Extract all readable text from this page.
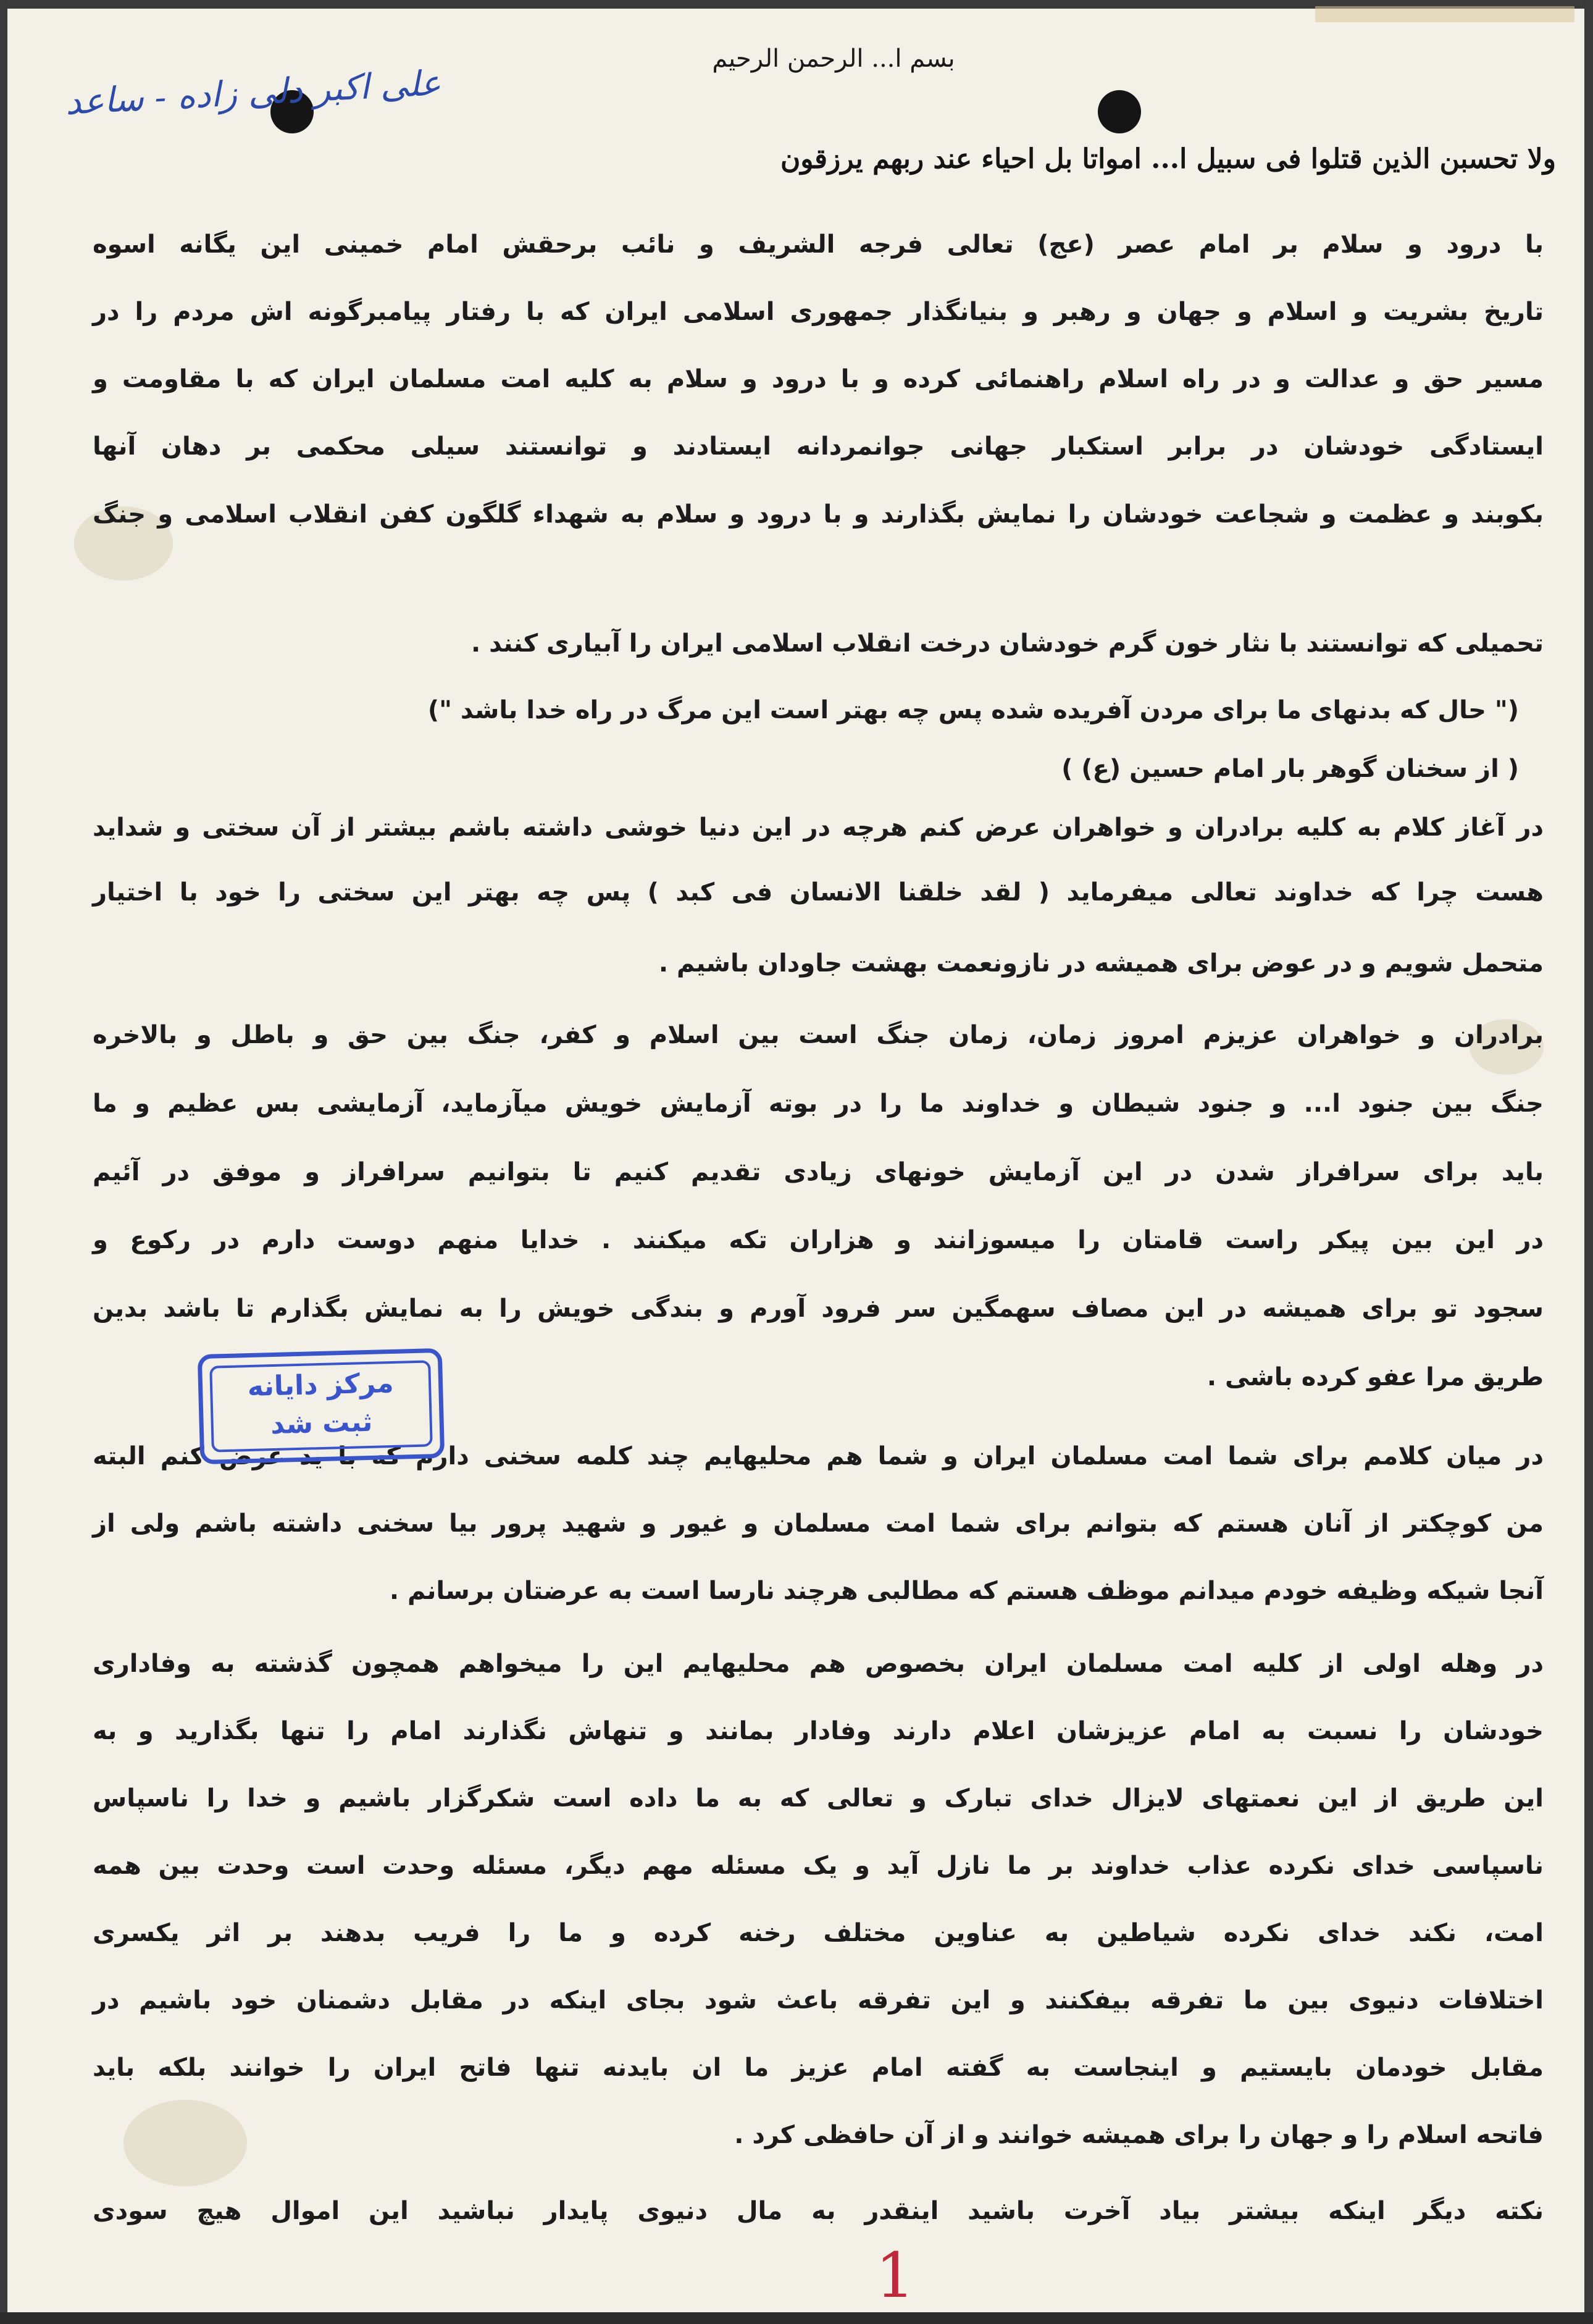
بسم ا... الرحمن الرحیم
علی اکبر دلی زاده - ساعد
ولا تحسبن الذین قتلوا فی سبیل ا... امواتا بل احیاء عند ربهم یرزقون
با درود و سلام بر امام عصر (عج) تعالی فرجه الشریف و نائب برحقش امام خمینی این یگانه اسوه
تاریخ بشریت و اسلام و جهان و رهبر و بنیانگذار جمهوری اسلامی ایران که با رفتار پیامبرگونه اش مردم را در
مسیر حق و عدالت و در راه اسلام راهنمائی کرده و با درود و سلام به کلیه امت مسلمان ایران که با مقاومت و
ایستادگی خودشان در برابر استکبار جهانی جوانمردانه ایستادند و توانستند سیلی محکمی بر دهان آنها
بکوبند و عظمت و شجاعت خودشان را نمایش بگذارند و با درود و سلام به شهداء گلگون کفن انقلاب اسلامی و جنگ
تحمیلی که توانستند با نثار خون گرم خودشان درخت انقلاب اسلامی ایران را آبیاری کنند .
(" حال که بدنهای ما برای مردن آفریده شده پس چه بهتر است این مرگ در راه خدا باشد ")
( از سخنان گوهر بار امام حسین (ع) )
در آغاز کلام به کلیه برادران و خواهران عرض کنم هرچه در این دنیا خوشی داشته باشم بیشتر از آن سختی و شداید
هست چرا که خداوند تعالی میفرماید ( لقد خلقنا الانسان فی کبد ) پس چه بهتر این سختی را خود با اختیار
متحمل شویم و در عوض برای همیشه در نازونعمت بهشت جاودان باشیم .
برادران و خواهران عزیزم امروز زمان، زمان جنگ است بین اسلام و کفر، جنگ بین حق و باطل و بالاخره
جنگ بین جنود ا... و جنود شیطان و خداوند ما را در بوته آزمایش خویش میآزماید، آزمایشی بس عظیم و ما
باید برای سرافراز شدن در این آزمایش خونهای زیادی تقدیم کنیم تا بتوانیم سرافراز و موفق در آئیم
در این بین پیکر راست قامتان را میسوزانند و هزاران تکه میکنند . خدایا منهم دوست دارم در رکوع و
سجود تو برای همیشه در این مصاف سهمگین سر فرود آورم و بندگی خویش را به نمایش بگذارم تا باشد بدین
طریق مرا عفو کرده باشی .
در میان کلامم برای شما امت مسلمان ایران و شما هم محلیهایم چند کلمه سخنی دارم که با ید عرض کنم البته
من کوچکتر از آنان هستم که بتوانم برای شما امت مسلمان و غیور و شهید پرور بیا سخنی داشته باشم ولی از
آنجا شیکه وظیفه خودم میدانم موظف هستم که مطالبی هرچند نارسا است به عرضتان برسانم .
در وهله اولی از کلیه امت مسلمان ایران بخصوص هم محلیهایم این را میخواهم همچون گذشته به وفاداری
خودشان را نسبت به امام عزیزشان اعلام دارند وفادار بمانند و تنهاش نگذارند امام را تنها بگذارید و به
این طریق از این نعمتهای لایزال خدای تبارک و تعالی که به ما داده است شکرگزار باشیم و خدا را ناسپاس
ناسپاسی خدای نکرده عذاب خداوند بر ما نازل آید و یک مسئله مهم دیگر، مسئله وحدت است وحدت بین همه
امت، نکند خدای نکرده شیاطین به عناوین مختلف رخنه کرده و ما را فریب بدهند بر اثر یکسری
اختلافات دنیوی بین ما تفرقه بیفکنند و این تفرقه باعث شود بجای اینکه در مقابل دشمنان خود باشیم در
مقابل خودمان بایستیم و اینجاست به گفته امام عزیز ما ان بایدنه تنها فاتح ایران را خوانند بلکه باید
فاتحه اسلام را و جهان را برای همیشه خوانند و از آن حافظی کرد .
نکته دیگر اینکه بیشتر بیاد آخرت باشید اینقدر به مال دنیوی پایدار نباشید این اموال هیچ سودی
مرکز دایانه
ثبت شد
1
